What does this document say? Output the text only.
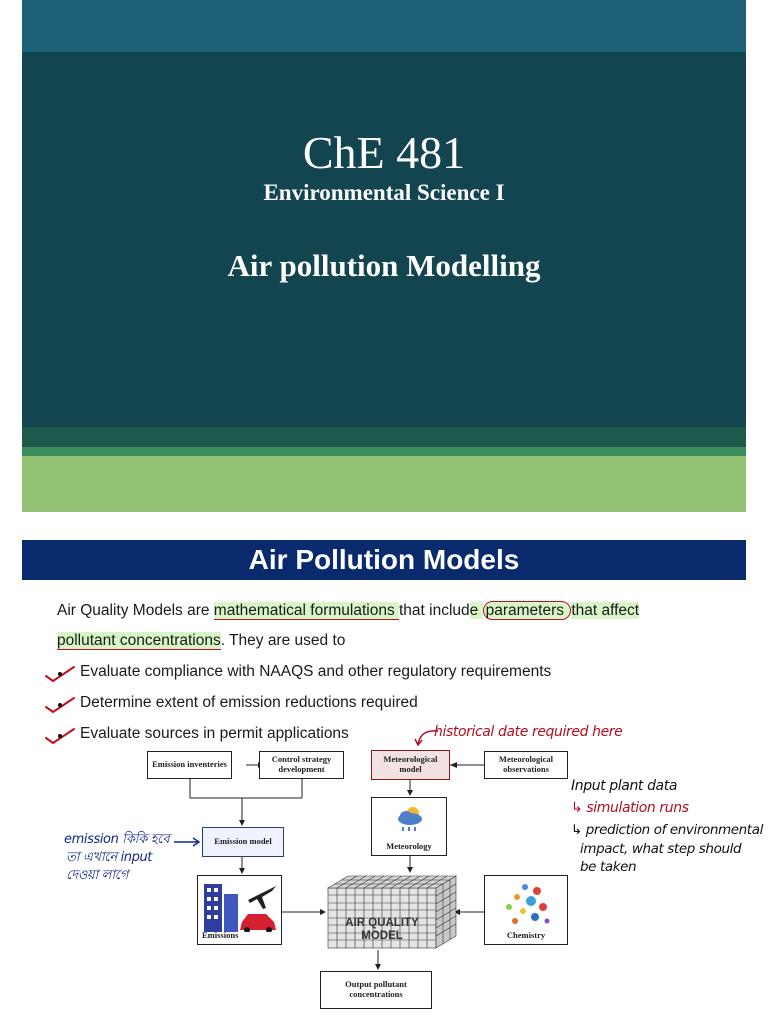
ChE 481
Environmental Science I
Air pollution Modelling
Air Pollution Models
Air Quality Models are mathematical formulations that include parameters that affect
pollutant concentrations. They are used to
Evaluate compliance with NAAQS and other regulatory requirements
Determine extent of emission reductions required
Evaluate sources in permit applications	historical date required here
Emission inventeries	Control strategy development
Meteorological model
Meteorological observations
Emission model	Meteorology
Emissions
AIR QUALITY
MODEL	Chemistry
Output pollutant concentrations
Input plant data
↳ simulation runs
↳ prediction of environmental
impact, what step should
be taken
emission কিকি হবে
তা এখানে input
দেওয়া লাগে
